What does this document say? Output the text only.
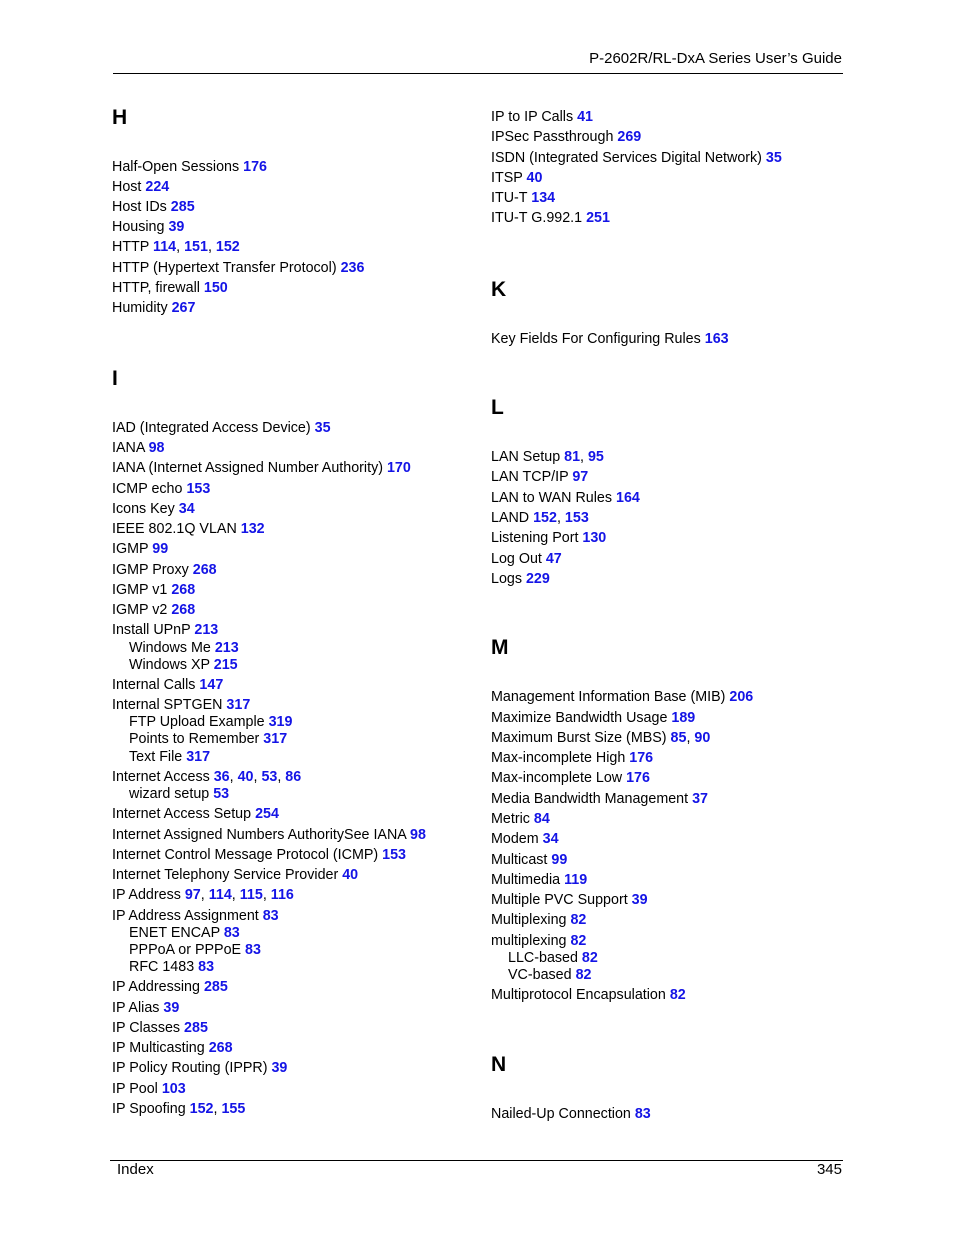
P-2602R/RL-DxA Series User’s Guide
H
Half-Open Sessions 176
Host 224
Host IDs 285
Housing 39
HTTP 114, 151, 152
HTTP (Hypertext Transfer Protocol) 236
HTTP, firewall 150
Humidity 267
I
IAD (Integrated Access Device) 35
IANA 98
IANA (Internet Assigned Number Authority) 170
ICMP echo 153
Icons Key 34
IEEE 802.1Q VLAN 132
IGMP 99
IGMP Proxy 268
IGMP v1 268
IGMP v2 268
Install UPnP 213
Windows Me 213
Windows XP 215
Internal Calls 147
Internal SPTGEN 317
FTP Upload Example 319
Points to Remember 317
Text File 317
Internet Access 36, 40, 53, 86
wizard setup 53
Internet Access Setup 254
Internet Assigned Numbers AuthoritySee IANA 98
Internet Control Message Protocol (ICMP) 153
Internet Telephony Service Provider 40
IP Address 97, 114, 115, 116
IP Address Assignment 83
ENET ENCAP 83
PPPoA or PPPoE 83
RFC 1483 83
IP Addressing 285
IP Alias 39
IP Classes 285
IP Multicasting 268
IP Policy Routing (IPPR) 39
IP Pool 103
IP Spoofing 152, 155
IP to IP Calls 41
IPSec Passthrough 269
ISDN (Integrated Services Digital Network) 35
ITSP 40
ITU-T 134
ITU-T G.992.1 251
K
Key Fields For Configuring Rules 163
L
LAN Setup 81, 95
LAN TCP/IP 97
LAN to WAN Rules 164
LAND 152, 153
Listening Port 130
Log Out 47
Logs 229
M
Management Information Base (MIB) 206
Maximize Bandwidth Usage 189
Maximum Burst Size (MBS) 85, 90
Max-incomplete High 176
Max-incomplete Low 176
Media Bandwidth Management 37
Metric 84
Modem 34
Multicast 99
Multimedia 119
Multiple PVC Support 39
Multiplexing 82
multiplexing 82
LLC-based 82
VC-based 82
Multiprotocol Encapsulation 82
N
Nailed-Up Connection 83
Index	345
